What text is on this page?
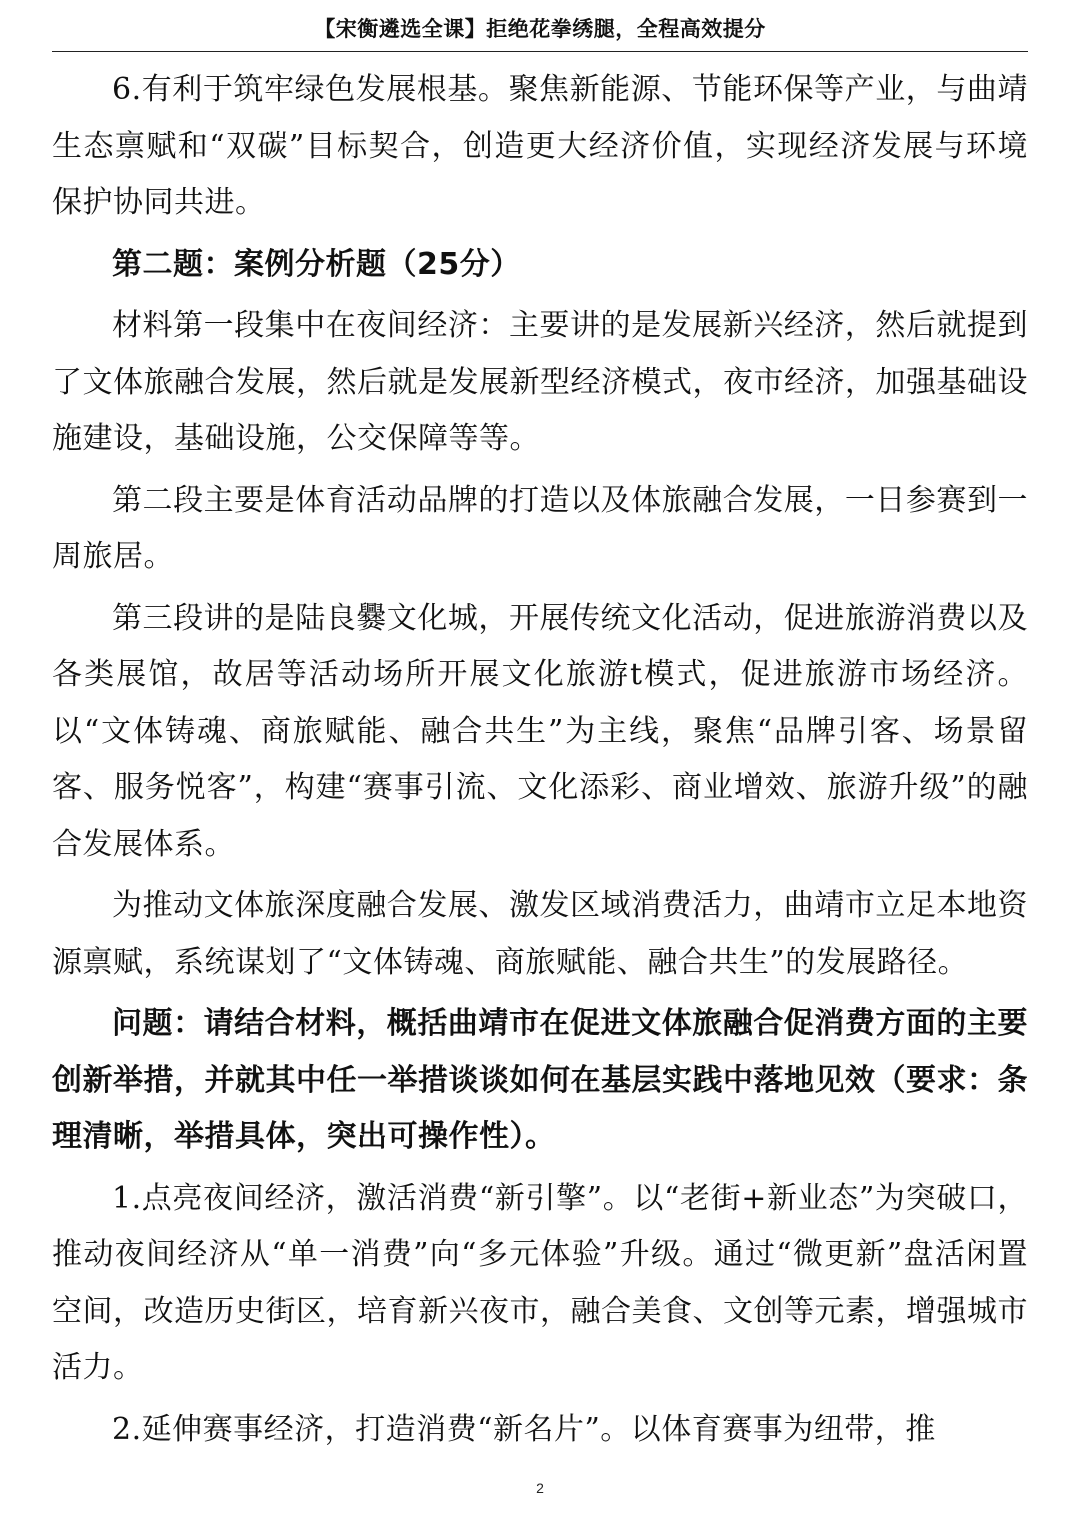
【宋衡遴选全课】拒绝花拳绣腿，全程高效提分

6.有利于筑牢绿色发展根基。聚焦新能源、节能环保等产业，与曲靖生态禀赋和“双碳”目标契合，创造更大经济价值，实现经济发展与环境保护协同共进。

第二题：案例分析题（25分）

材料第一段集中在夜间经济：主要讲的是发展新兴经济，然后就提到了文体旅融合发展，然后就是发展新型经济模式，夜市经济，加强基础设施建设，基础设施，公交保障等等。

第二段主要是体育活动品牌的打造以及体旅融合发展，一日参赛到一周旅居。

第三段讲的是陆良爨文化城，开展传统文化活动，促进旅游消费以及各类展馆，故居等活动场所开展文化旅游t模式，促进旅游市场经济。以“文体铸魂、商旅赋能、融合共生”为主线，聚焦“品牌引客、场景留客、服务悦客”，构建“赛事引流、文化添彩、商业增效、旅游升级”的融合发展体系。

为推动文体旅深度融合发展、激发区域消费活力，曲靖市立足本地资源禀赋，系统谋划了“文体铸魂、商旅赋能、融合共生”的发展路径。

问题：请结合材料，概括曲靖市在促进文体旅融合促消费方面的主要创新举措，并就其中任一举措谈谈如何在基层实践中落地见效（要求：条理清晰，举措具体，突出可操作性）。

1.点亮夜间经济，激活消费“新引擎”。以“老街+新业态”为突破口，推动夜间经济从“单一消费”向“多元体验”升级。通过“微更新”盘活闲置空间，改造历史街区，培育新兴夜市，融合美食、文创等元素，增强城市活力。

2.延伸赛事经济，打造消费“新名片”。以体育赛事为纽带，推

2
